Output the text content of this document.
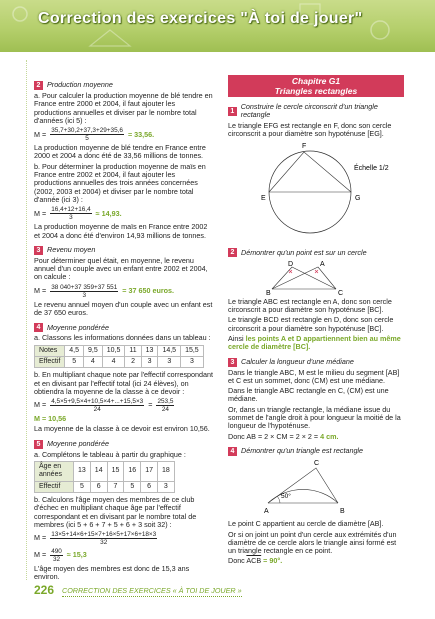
Correction des exercices "À toi de jouer"
2 Production moyenne

a. Pour calculer la production moyenne de blé tendre en France entre 2000 et 2004, il faut ajouter les productions annuelles et diviser par le nombre total d'années (ici 5) :

$M = \frac{35,7+30,2+37,3+29+35,6}{5} = 33,56$.

La production moyenne de blé tendre en France entre 2000 et 2004 a donc été de 33,56 millions de tonnes.

b. Pour déterminer la production moyenne de maïs en France entre 2002 et 2004, il faut ajouter les productions annuelles des trois années concernées (2002, 2003 et 2004) et diviser par le nombre total d'année (ici 3) :

$M = \frac{16,4+12+16,4}{3} \approx 14,93$.

La production moyenne de maïs en France entre 2002 et 2004 a donc été d'environ 14,93 millions de tonnes.

3 Revenu moyen

Pour déterminer quel était, en moyenne, le revenu annuel d'un couple avec un enfant entre 2002 et 2004, on calcule :

$M = \frac{38 040+37 359+37 551}{3} = 37$ 650 euros.

Le revenu annuel moyen d'un couple avec un enfant est de 37 650 euros.

4 Moyenne pondérée

a. Classons les informations données dans un tableau :

Notes	4,5	9,5	10,5	11	13	14,5	15,5
Effectif	5	4	4	2	3	3	3

b. En multipliant chaque note par l'effectif correspondant et en divisant par l'effectif total (ici 24 élèves), on obtiendra la moyenne de la classe à ce devoir :

$M = \frac{4,5\times 5+9,5\times 4+10,5\times 4+...+15,5\times 3}{24} = \frac{253,5}{24}$

M = 10,56

La moyenne de la classe à ce devoir est environ 10,56.

5 Moyenne pondérée

a. Complétons le tableau à partir du graphique :

Âge en années	13	14	15	16	17	18
Effectif	5	6	7	5	6	3

b. Calculons l'âge moyen des membres de ce club d'échec en multipliant chaque âge par l'effectif correspondant et en divisant par le nombre total de membres (ici 5 + 6 + 7 + 5 + 6 + 3 soit 32) :

$M = \frac{13\times 5+14\times 6+15\times 7+16\times 5+17\times 6+18\times 3}{32}$
$M = \frac{490}{32} \approx 15,3$

L'âge moyen des membres est donc de 15,3 ans environ.

Chapitre G1
Triangles rectangles
1
Construire le cercle circonscrit d'un triangle rectangle

Le triangle EFG est rectangle en F, donc son cercle circonscrit a pour diamètre son hypoténuse [EG].

E
F
G
Échelle 1/2
2 Démontrer qu'un point est sur un cercle
B	C
D	A

Le triangle ABC est rectangle en A, donc son cercle circonscrit a pour diamètre son hypoténuse [BC].

Le triangle BCD est rectangle en D, donc son cercle circonscrit a pour diamètre son hypoténuse [BC].

Ainsi les points A et D appartiennent bien au même cercle de diamètre [BC].

3 Calculer la longueur d'une médiane

Dans le triangle ABC, M est le milieu du segment [AB] et C est un sommet, donc (CM) est une médiane.

Dans le triangle ABC rectangle en C, (CM) est une médiane.

Or, dans un triangle rectangle, la médiane issue du sommet de l'angle droit à pour longueur la moitié de la longueur de l'hypoténuse.

Donc AB = 2 × CM = 2 × 2 = 4 cm.

4 Démontrer qu'un triangle est rectangle
A	B
C
50°

Le point C appartient au cercle de diamètre [AB].

Or si on joint un point d'un cercle aux extrémités d'un diamètre de ce cercle alors le triangle ainsi formé est un triangle rectangle en ce point.

Donc $\overline{ACB} = 90^\circ$.

226 CORRECTION DES EXERCICES « À TOI DE JOUER »
